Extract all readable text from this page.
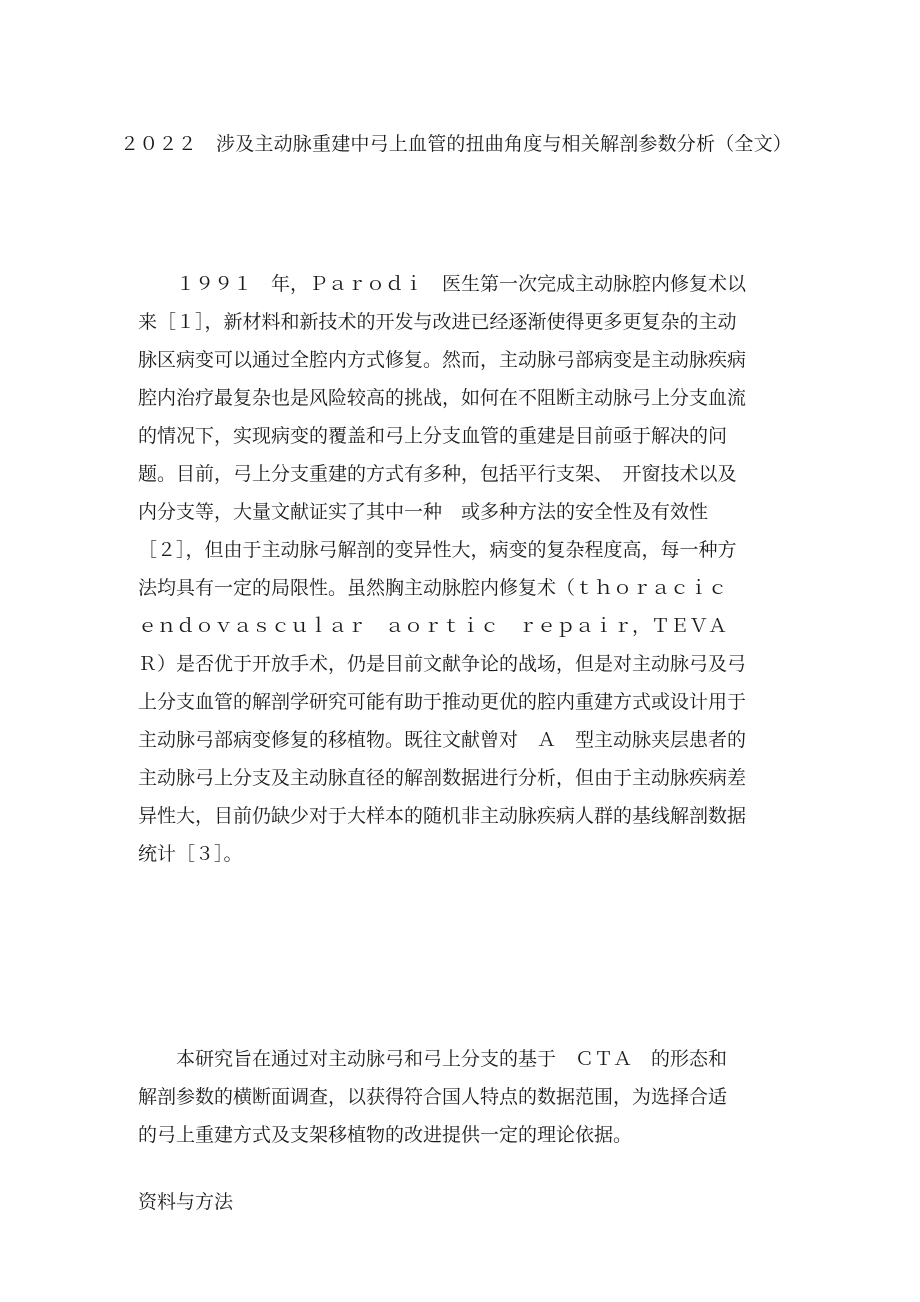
２０２２　涉及主动脉重建中弓上血管的扭曲角度与相关解剖参数分析（全文）
　　１９９１　年，Ｐａｒｏｄｉ　医生第一次完成主动脉腔内修复术以
来［１］，新材料和新技术的开发与改进已经逐渐使得更多更复杂的主动
脉区病变可以通过全腔内方式修复。然而，主动脉弓部病变是主动脉疾病
腔内治疗最复杂也是风险较高的挑战，如何在不阻断主动脉弓上分支血流
的情况下，实现病变的覆盖和弓上分支血管的重建是目前亟于解决的问
题。目前，弓上分支重建的方式有多种，包括平行支架、　开窗技术以及
内分支等，大量文献证实了其中一种　或多种方法的安全性及有效性
［２］，但由于主动脉弓解剖的变异性大，病变的复杂程度高，每一种方
法均具有一定的局限性。虽然胸主动脉腔内修复术（ｔｈｏｒａｃｉｃ
ｅｎｄｏｖａｓｃｕｌａｒ　ａｏｒｔｉｃ　ｒｅｐａｉｒ，ＴＥＶＡ
Ｒ）是否优于开放手术，仍是目前文献争论的战场，但是对主动脉弓及弓
上分支血管的解剖学研究可能有助于推动更优的腔内重建方式或设计用于
主动脉弓部病变修复的移植物。既往文献曾对　Ａ　型主动脉夹层患者的
主动脉弓上分支及主动脉直径的解剖数据进行分析，但由于主动脉疾病差
异性大，目前仍缺少对于大样本的随机非主动脉疾病人群的基线解剖数据
统计［３］。
　　本研究旨在通过对主动脉弓和弓上分支的基于　ＣＴＡ　的形态和
解剖参数的横断面调查，以获得符合国人特点的数据范围，为选择合适
的弓上重建方式及支架移植物的改进提供一定的理论依据。
资料与方法
